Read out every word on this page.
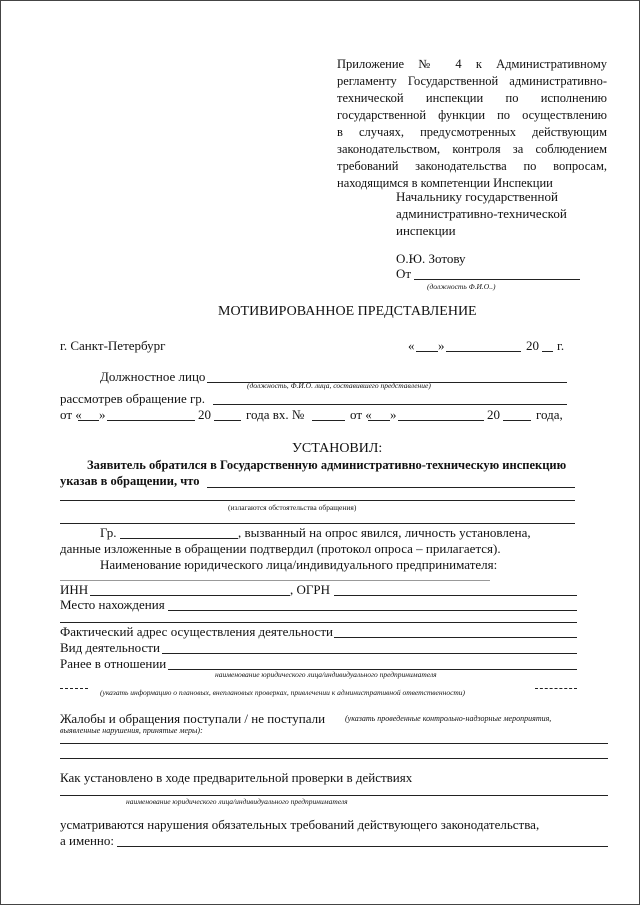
Приложение № 4 к Административному
регламенту Государственной административно-
технической инспекции по исполнению
государственной функции по осуществлению
в случаях, предусмотренных действующим
законодательством, контроля за соблюдением
требований законодательства по вопросам,
находящимся в компетенции Инспекции
Начальнику государственной
административно-технической
инспекции
О.Ю. Зотову
От
(должность Ф.И.О..)
МОТИВИРОВАННОЕ ПРЕДСТАВЛЕНИЕ
г. Санкт-Петербург	« »	20 г.
Должностное лицо
(должность, Ф.И.О. лица, составившего представление)
рассмотрев обращение гр.
от « »	20	года вх. №	от « »	20	года,
УСТАНОВИЛ:
Заявитель обратился в Государственную административно-техническую инспекцию
указав в обращении, что
(излагаются обстоятельства обращения)
Гр.	, вызванный на опрос явился, личность установлена,
данные изложенные в обращении подтвердил (протокол опроса – прилагается).
Наименование юридического лица/индивидуального предпринимателя:
ИНН	, ОГРН
Место нахождения
Фактический адрес осуществления деятельности
Вид деятельности
Ранее в отношении
наименование юридического лица/индивидуального предпринимателя
(указать информацию о плановых, внеплановых проверках, привлечении к административной ответственности)
Жалобы и обращения поступали / не поступали (указать проведенные контрольно-надзорные мероприятия,
выявленные нарушения, принятые меры):
Как установлено в ходе предварительной проверки в действиях
наименование юридического лица/индивидуального предпринимателя
усматриваются нарушения обязательных требований действующего законодательства,
а именно:
